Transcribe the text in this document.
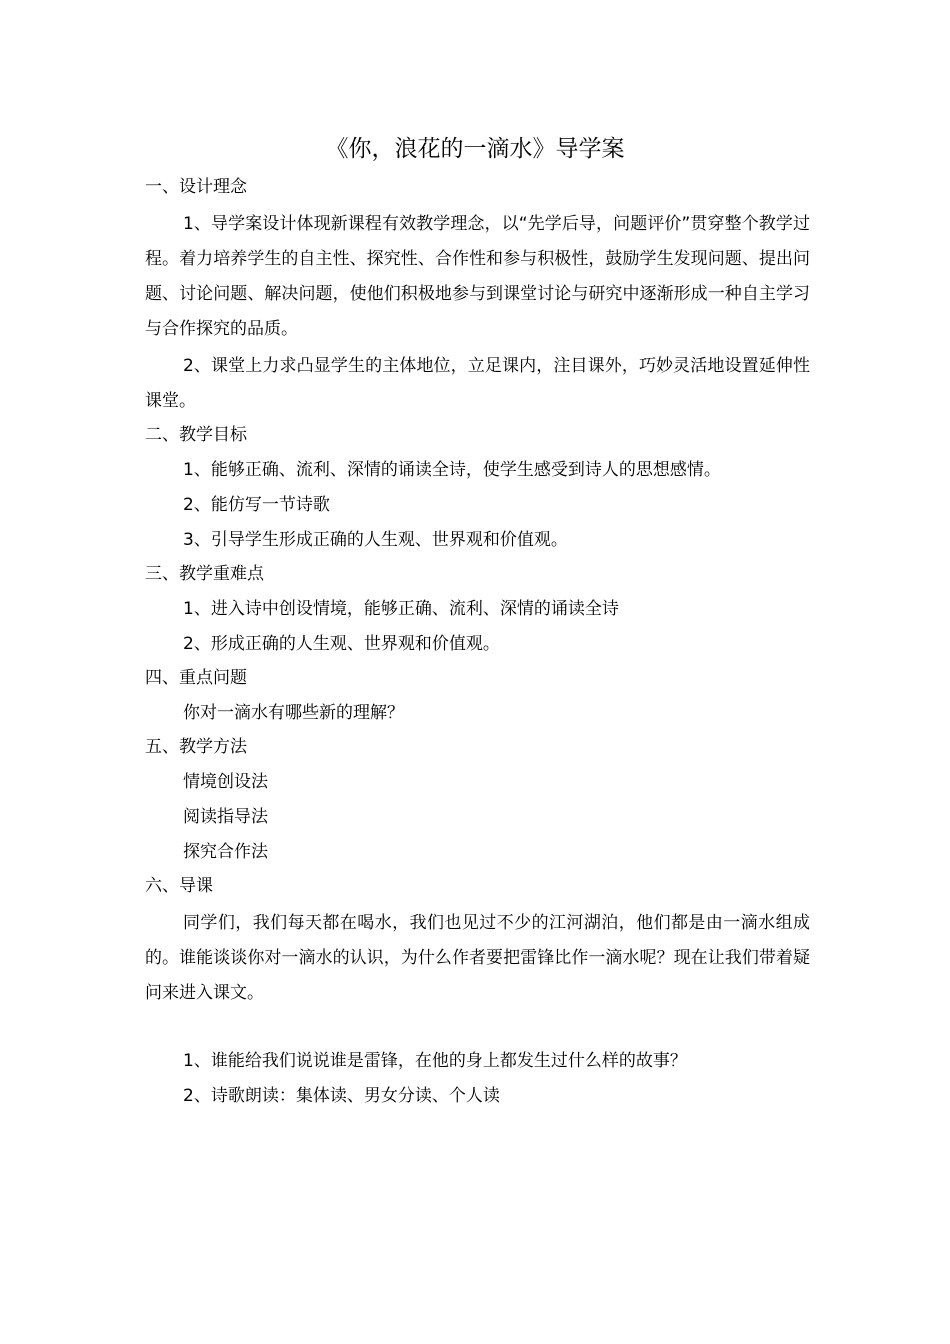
《你，浪花的一滴水》导学案

一、设计理念

1、导学案设计体现新课程有效教学理念，以“先学后导，问题评价”贯穿整个教学过程。着力培养学生的自主性、探究性、合作性和参与积极性，鼓励学生发现问题、提出问题、讨论问题、解决问题，使他们积极地参与到课堂讨论与研究中逐渐形成一种自主学习与合作探究的品质。

2、课堂上力求凸显学生的主体地位，立足课内，注目课外，巧妙灵活地设置延伸性课堂。

二、教学目标

1、能够正确、流利、深情的诵读全诗，使学生感受到诗人的思想感情。

2、能仿写一节诗歌

3、引导学生形成正确的人生观、世界观和价值观。

三、教学重难点

1、进入诗中创设情境，能够正确、流利、深情的诵读全诗

2、形成正确的人生观、世界观和价值观。

四、重点问题

你对一滴水有哪些新的理解？

五、教学方法

情境创设法

阅读指导法

探究合作法

六、导课

同学们，我们每天都在喝水，我们也见过不少的江河湖泊，他们都是由一滴水组成的。谁能谈谈你对一滴水的认识，为什么作者要把雷锋比作一滴水呢？现在让我们带着疑问来进入课文。

1、谁能给我们说说谁是雷锋，在他的身上都发生过什么样的故事？

2、诗歌朗读：集体读、男女分读、个人读
